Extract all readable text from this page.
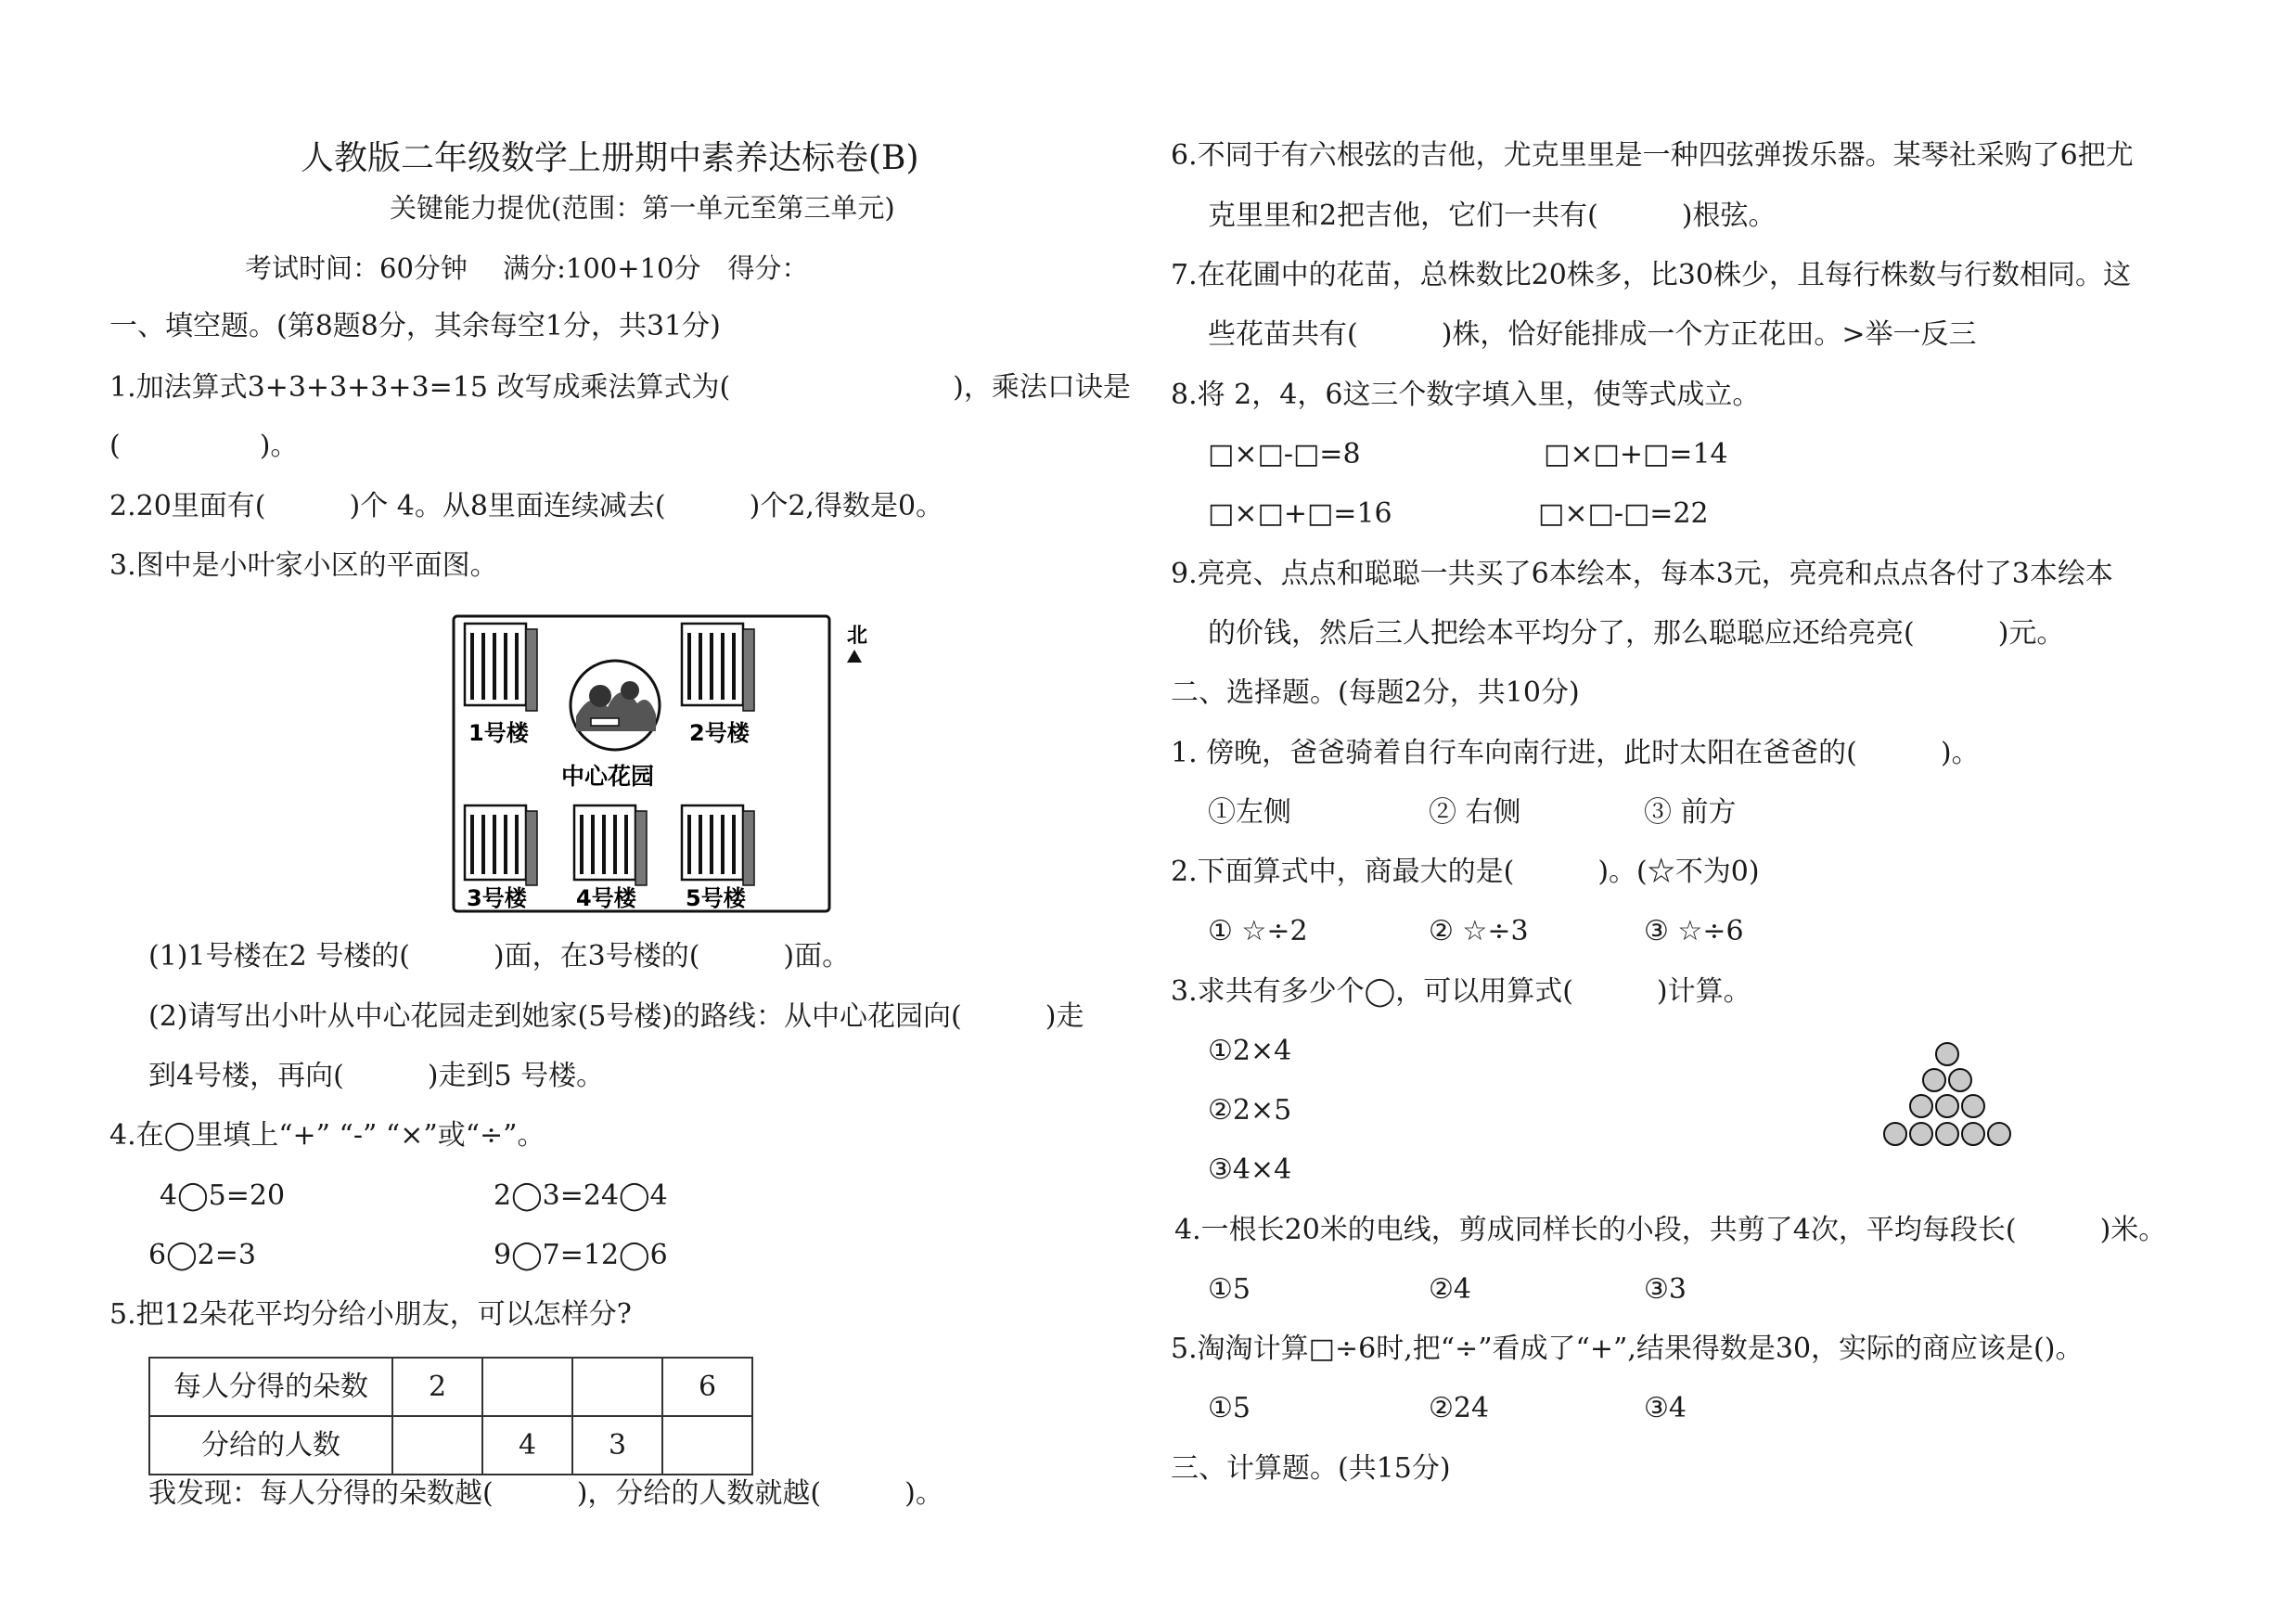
人教版二年级数学上册期中素养达标卷(B)
关键能力提优(范围：第一单元至第三单元)
考试时间：60分钟　 满分:100+10分　得分：
一、填空题。(第8题8分，其余每空1分，共31分)
1.加法算式3+3+3+3+3=15 改写成乘法算式为(　　　　　　　　)，乘法口诀是
(　　　　　)。
2.20里面有(　　　)个 4。从8里面连续减去(　　　)个2,得数是0。
3.图中是小叶家小区的平面图。
北
1号楼	2号楼
中心花园
3号楼 4号楼 5号楼
(1)1号楼在2 号楼的(　　　)面，在3号楼的(　　　)面。
(2)请写出小叶从中心花园走到她家(5号楼)的路线：从中心花园向(　　　)走
到4号楼，再向(　　　)走到5 号楼。
4.在◯里填上“+” “-” “×”或“÷”。
4◯5=20	2◯3=24◯4
6◯2=3	9◯7=12◯6
5.把12朵花平均分给小朋友，可以怎样分?
每人分得的朵数	2			6
分给的人数		4	3	
我发现：每人分得的朵数越(　　　)，分给的人数就越(　　　)。
6.不同于有六根弦的吉他，尤克里里是一种四弦弹拨乐器。某琴社采购了6把尤
克里里和2把吉他，它们一共有(　　　)根弦。
7.在花圃中的花苗，总株数比20株多，比30株少，且每行株数与行数相同。这
些花苗共有(　　　)株，恰好能排成一个方正花田。>举一反三
8.将 2，4，6这三个数字填入里，使等式成立。
□×□-□=8	□×□+□=14
□×□+□=16	□×□-□=22
9.亮亮、点点和聪聪一共买了6本绘本，每本3元，亮亮和点点各付了3本绘本
的价钱，然后三人把绘本平均分了，那么聪聪应还给亮亮(　　　)元。
二、选择题。(每题2分，共10分)
1. 傍晚，爸爸骑着自行车向南行进，此时太阳在爸爸的(　　　)。
①左侧	② 右侧	③ 前方
2.下面算式中，商最大的是(　　　)。(☆不为0)
① ☆÷2	② ☆÷3	③ ☆÷6
3.求共有多少个◯，可以用算式(　　　)计算。
①2×4
②2×5
③4×4
4.一根长20米的电线，剪成同样长的小段，共剪了4次，平均每段长(　　　)米。
①5	②4	③3
5.淘淘计算□÷6时,把“÷”看成了“+”,结果得数是30，实际的商应该是()。
①5	②24	③4
三、计算题。(共15分)
